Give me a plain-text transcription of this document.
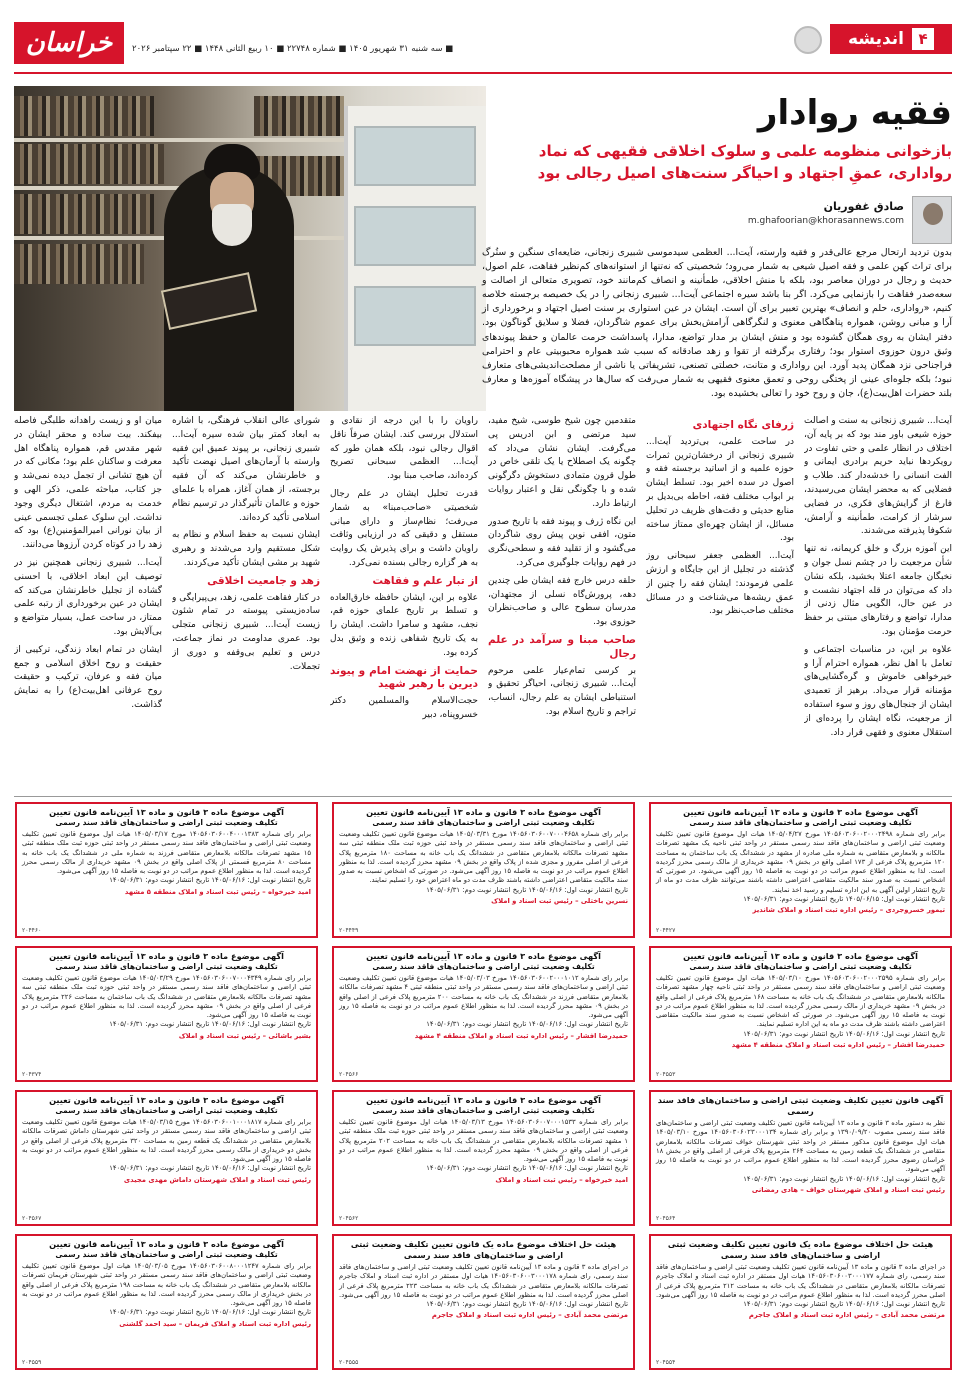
۴
اندیشه
خراسان	■ سه شنبه ۳۱ شهریور ۱۴۰۵ ■ شماره ۲۲۷۴۸ ■ ۱۰ ربیع الثانی ۱۴۴۸ ■ ۲۲ سپتامبر ۲۰۲۶
فقیه روادار
بازخوانی منظومه علمی و سلوک اخلاقی فقیهی که نماد رواداری، عمقِ اجتهاد و احیاگر سنت‌های اصیل رجالی بود
صادق غفوریان
m.ghafoorian@khorasannews.com
بدون تردید ارتحال مرجع عالی‌قدر و فقیه وارسته، آیت‌ا... العظمی سیدموسی شبیری زنجانی، ضایعه‌ای سنگین و ستُرگ برای تراث کهن علمی و فقه اصیل شیعی به شمار می‌رود؛ شخصیتی که نه‌تنها از استوانه‌های کم‌نظیر فقاهت، علم اصول، حدیث و رجال در دوران معاصر بود، بلکه با منش اخلاقی، طمأنینه و انصاف کم‌مانند خود، تصویری متعالی از اصالت و سعه‌صدر فقاهت را بازنمایی می‌کرد. اگر بنا باشد سیره اجتماعی آیت‌ا... شبیری زنجانی را در یک خصیصه برجسته خلاصه کنیم، «رواداری، حلم و انصاف» بهترین تعبیر برای آن است. ایشان در عین استواری بر سنت اصیل اجتهاد و برخورداری از آرا و مبانی روشن، همواره پناهگاهی معنوی و لنگرگاهی آرامش‌بخش برای عموم شاگردان، فضلا و سلایق گوناگون بود. دفتر ایشان به روی همگان گشوده بود و منش ایشان بر مدار تواضع، مدارا، پاسداشت حرمت عالمان و حفظ پیوندهای وثیق درون حوزوی استوار بود؛ رفتاری برگرفته از تقوا و زهد صادقانه که سبب شد همواره محبوبیتی عام و احترامی فراجناحی نزد همگان پدید آورد. این رواداری و متانت، خصلتی تصنعی، تشریفاتی یا ناشی از مصلحت‌اندیشی‌های متعارف نبود؛ بلکه جلوه‌ای عینی از پختگی روحی و تعمق معنوی فقیهی به شمار می‌رفت که سال‌ها در پیشگاه آموزه‌ها و معارف بلند حضرات اهل‌بیت(ع)، جان و روح خود را تعالی بخشیده بود.

آیت‌ا... شبیری زنجانی به سنت و اصالت حوزه شیعی باور مند بود که بر پایه آن، اختلاف در انظار علمی و حتی تفاوت در رویکردها نباید حریم برادری ایمانی و الفت انسانی را خدشه‌دار کند. طلاب و فضلایی که به محضر ایشان می‌رسیدند، فارغ از گرایش‌های فکری، در فضایی سرشار از کرامت، طمأنینه و آرامش، شکوفا پذیرفته می‌شدند.

این آموزه بزرگ و خلق کریمانه، نه تنها شأن مرجعیت را در چشم نسل جوان و نخبگان جامعه اعتلا بخشید، بلکه نشان داد که می‌توان در قله اجتهاد نشست و در عین حال، الگویی مثال زدنی از مدارا، تواضع و رفتارهای مبتنی بر حفظ حرمت مؤمنان بود.

علاوه بر این، در مناسبات اجتماعی و تعامل با اهل نظر، همواره احترام آرا و خیرخواهی خاموش و گره‌گشایی‌های مؤمنانه قرار می‌داد. برهیز از تعمیدی ایشان از جنجال‌های روز و سوء استفاده از مرجعیت، نگاه ایشان را پرده‌ای از استقلال معنوی و فقهی قرار داد.

ژرفای نگاه اجتهادی

در ساحت علمی، بی‌تردید آیت‌ا... شبیری زنجانی از درخشان‌ترین ثمرات حوزه علمیه و از اساتید برجسته فقه و اصول در سده اخیر بود. تسلط ایشان بر ابواب مختلف فقه، احاطه بی‌بدیل بر منابع حدیثی و دقت‌های ظریف در تحلیل مسائل، از ایشان چهره‌ای ممتاز ساخته بود.

آیت‌ا... العظمی جعفر سبحانی روز گذشته در تجلیل از این جایگاه و ارزش علمی فرمودند: ایشان فقه را چنین از عمق ریشه‌ها می‌شناخت و در مسائل مختلف صاحب‌نظر بود.

متقدمین چون شیخ طوسی، شیخ مفید، سید مرتضی و ابن ادریس پی می‌گرفت. ایشان نشان می‌داد که چگونه یک اصطلاح یا یک تلقی خاص در طول قرون متمادی دستخوش دگرگونی شده و با چگونگی نقل و اعتبار روایات ارتباط دارد.

این نگاه ژرف و پیوند فقه با تاریخ صدور متون، افقی نوین پیش روی شاگردان می‌گشود و از تقلید فقه و سطحی‌نگری در فهم روایات جلوگیری می‌کرد.

حلقه درس خارج فقه ایشان طی چندین دهه، پرورش‌گاه نسلی از مجتهدان، مدرسان سطوح عالی و صاحب‌نظران حوزوی بود.

صاحب مبنا و سرآمد در علم رجال

بر کرسی تمام‌عیار علمی مرحوم آیت‌ا... شبیری زنجانی، احیاگر تحقیق و استنباطی ایشان به علم رجال، انساب، تراجم و تاریخ اسلام بود.

راویان را با این درجه از نقادی و استدلال بررسی کند. ایشان صرفاً ناقل اقوال رجالی نبود، بلکه همان طور که آیت‌ا... العظمی سبحانی تصریح کرده‌اند، صاحب مبنا بود.

قدرت تحلیل ایشان در علم رجال شخصیتی «صاحب‌مبنا» به شمار می‌رفت؛ نظام‌ساز و دارای مبانی مستقل و دقیقی که در ارزیابی وثاقت راویان داشت و برای پذیرش یک روایت به هر گزاره رجالی بسنده نمی‌کرد.

از تبار علم و فقاهت

علاوه بر این، ایشان حافظه خارق‌العاده و تسلط بر تاریخ علمای حوزه قم، نجف، مشهد و سامرا داشت. ایشان را به یک تاریخ شفاهی زنده و وثیق بدل کرده بود.

حمایت از نهضت امام و پیوند دیرین با رهبر شهید

حجت‌الاسلام والمسلمین دکتر خسروپناه، دبیر

شورای عالی انقلاب فرهنگی، با اشاره به ابعاد کمتر بیان شده سیره آیت‌ا... شبیری زنجانی، بر پیوند عمیق این فقیه وارسته با آرمان‌های اصیل نهضت تأکید و خاطرنشان می‌کند که آن فقیه برجسته، از همان آغاز، همراه با علمای حوزه و عالمان تأثیرگذار در ترسیم نظام اسلامی تأکید کرده‌اند.

ایشان نسبت به حفظ اسلام و نظام به شکل مستقیم وارد می‌شدند و رهبری شهید بر مشی ایشان تأکید می‌کردند.

زهد و جامعیت اخلاقی

در کنار فقاهت علمی، زهد، بی‌پیرایگی و ساده‌زیستی پیوسته در تمام شئون زیست آیت‌ا... شبیری زنجانی متجلی بود. عمری مداومت در نماز جماعت، درس و تعلیم بی‌وقفه و دوری از تجملات.

میان او و زیست راهدانه طلبگی فاصله بیفکند. بیت ساده و محقر ایشان در شهر مقدس قم، همواره پناهگاه اهل معرفت و ساکنان علم بود؛ مکانی که در آن هیچ تشانی از تجمل دیده نمی‌شد و جز کتاب، مباحثه علمی، ذکر الهی و خدمت به مردم، اشتغال دیگری وجود نداشت. این سلوک عملی تجسمی عینی از بیان نورانی امیرالمؤمنین(ع) بود که زهد را در کوتاه کردن آرزوها می‌دانند.

آیت‌ا... شبیری زنجانی همچنین نیز در توصیف این ابعاد اخلاقی، با احسنی گشاده از تجلیل خاطرنشان می‌کند که ایشان در عین برخورداری از رتبه علمی ممتاز، در ساحت عمل، بسیار متواضع و بی‌آلایش بود.

ایشان در تمام ابعاد زندگی، ترکیبی از حقیقت و روح اخلاق اسلامی و جمع میان فقه و عرفان، ترکیب و حقیقت روح عرفانی اهل‌بیت(ع) را به نمایش گذاشت.

آگهی موضوع ماده ۳ قانون و ماده ۱۳ آیین‌نامه قانون تعیین
تکلیف وضعیت ثبتی اراضی و ساختمان‌های فاقد سند رسمی
برابر رای شماره ۱۴۰۵۶۰۳۰۶۰۰۲۰۰۰۲۴۹۸ مورخ ۱۴۰۵/۰۴/۲۷ هیات اول موضوع قانون تعیین تکلیف وضعیت ثبتی اراضی و ساختمان‌های فاقد سند رسمی مستقر در واحد ثبتی ناحیه یک مشهد تصرفات مالکانه و بلامعارض متقاضی به شماره ملی صادره از مشهد در ششدانگ یک باب ساختمان به مساحت ۱۲۰ مترمربع پلاک فرعی از ۱۷۳ اصلی واقع در بخش ۰۹ مشهد خریداری از مالک رسمی محرز گردیده است. لذا به منظور اطلاع عموم مراتب در دو نوبت به فاصله ۱۵ روز آگهی می‌شود. در صورتی که اشخاص نسبت به صدور سند مالکیت متقاضی اعتراضی داشته باشند می‌توانند ظرف مدت دو ماه از تاریخ انتشار اولین آگهی به این اداره تسلیم و رسید اخذ نمایند.
تاریخ انتشار نوبت اول: ۱۴۰۵/۰۶/۱۵ تاریخ انتشار نوبت دوم: ۱۴۰۵/۰۶/۳۱
تیمور خسروجردی – رئیس اداره ثبت اسناد و املاک شاندیز
۲۰۴۴۲۷
آگهی موضوع ماده ۳ قانون و ماده ۱۳ آیین‌نامه قانون تعیین
تکلیف وضعیت ثبتی اراضی و ساختمان‌های فاقد سند رسمی
برابر رای شماره ۱۴۰۵۶۰۳۰۶۰۰۷۰۰۰۴۶۵۸ مورخ ۱۴۰۵/۰۳/۳۱ هیات موضوع قانون تعیین تکلیف وضعیت ثبتی اراضی و ساختمان‌های فاقد سند رسمی مستقر در واحد ثبتی حوزه ثبت ملک منطقه ثبتی سه مشهد تصرفات مالکانه بلامعارض متقاضی در ششدانگ یک باب خانه به مساحت ۱۸۰ مترمربع پلاک فرعی از اصلی مفروز و مجزی شده از پلاک واقع در بخش ۰۹ مشهد محرز گردیده است. لذا به منظور اطلاع عموم مراتب در دو نوبت به فاصله ۱۵ روز آگهی می‌شود. در صورتی که اشخاص نسبت به صدور سند مالکیت متقاضی اعتراضی داشته باشند ظرف مدت دو ماه اعتراض خود را تسلیم نمایند.
تاریخ انتشار نوبت اول: ۱۴۰۵/۰۶/۱۶ تاریخ انتشار نوبت دوم: ۱۴۰۵/۰۶/۳۱
نسرین باختلی – رئیس ثبت اسناد و املاک
۲۰۴۴۴۹
آگهی موضوع ماده ۳ قانون و ماده ۱۳ آیین‌نامه قانون تعیین
تکلیف وضعیت ثبتی اراضی و ساختمان‌های فاقد سند رسمی
برابر رای شماره ۱۴۰۵۶۰۳۰۶۰۰۴۰۰۰۱۳۸۳ مورخ ۱۴۰۵/۰۳/۱۷ هیات اول موضوع قانون تعیین تکلیف وضعیت ثبتی اراضی و ساختمان‌های فاقد سند رسمی مستقر در واحد ثبتی حوزه ثبت ملک منطقه ثبتی ۱۵ مشهد تصرفات مالکانه بلامعارض متقاضی فرزند به شماره ملی در ششدانگ یک باب خانه به مساحت ۸۰ مترمربع قسمتی از پلاک اصلی واقع در بخش ۰۹ مشهد خریداری از مالک رسمی محرز گردیده است. لذا به منظور اطلاع عموم مراتب در دو نوبت به فاصله ۱۵ روز آگهی می‌شود.
تاریخ انتشار نوبت اول: ۱۴۰۵/۰۶/۱۶ تاریخ انتشار نوبت دوم: ۱۴۰۵/۰۶/۳۱
امید خیرخواه – رئیس ثبت اسناد و املاک منطقه ۵ مشهد
۲۰۴۴۶۰
آگهی موضوع ماده ۳ قانون و ماده ۱۳ آیین‌نامه قانون تعیین
تکلیف وضعیت ثبتی اراضی و ساختمان‌های فاقد سند رسمی
برابر رای شماره ۱۴۰۵۶۰۳۰۶۰۰۲۰۰۰۲۵۹۵ مورخ ۱۴۰۵/۰۳/۱۰ هیات اول موضوع قانون تعیین تکلیف وضعیت ثبتی اراضی و ساختمان‌های فاقد سند رسمی مستقر در واحد ثبتی ناحیه چهار مشهد تصرفات مالکانه بلامعارض متقاضی در ششدانگ یک باب خانه به مساحت ۱۶۸ مترمربع پلاک فرعی از اصلی واقع در بخش ۰۹ مشهد خریداری از مالک رسمی محرز گردیده است. لذا به منظور اطلاع عموم مراتب در دو نوبت به فاصله ۱۵ روز آگهی می‌شود. در صورتی که اشخاص نسبت به صدور سند مالکیت متقاضی اعتراضی داشته باشند ظرف مدت دو ماه به این اداره تسلیم نمایند.
تاریخ انتشار نوبت اول: ۱۴۰۵/۰۶/۱۶ تاریخ انتشار نوبت دوم: ۱۴۰۵/۰۶/۳۱
حمیدرضا افشار – رئیس اداره ثبت اسناد و املاک منطقه ۴ مشهد
۲۰۴۵۵۳
آگهی موضوع ماده ۳ قانون و ماده ۱۳ آیین‌نامه قانون تعیین
تکلیف وضعیت ثبتی اراضی و ساختمان‌های فاقد سند رسمی
برابر رای شماره ۱۴۰۵۶۰۳۰۶۰۰۲۰۰۰۱۰۱۲ مورخ ۱۴۰۵/۰۳/۰۳ هیات موضوع قانون تعیین تکلیف وضعیت ثبتی اراضی و ساختمان‌های فاقد سند رسمی مستقر در واحد ثبتی منطقه ثبتی ۴ مشهد تصرفات مالکانه بلامعارض متقاضی فرزند در ششدانگ یک باب خانه به مساحت ۲۰۰ مترمربع پلاک فرعی از اصلی واقع در بخش ۰۹ مشهد محرز گردیده است. لذا به منظور اطلاع عموم مراتب در دو نوبت به فاصله ۱۵ روز آگهی می‌شود.
تاریخ انتشار نوبت اول: ۱۴۰۵/۰۶/۱۶ تاریخ انتشار نوبت دوم: ۱۴۰۵/۰۶/۳۱
حمیدرضا افشار – رئیس اداره ثبت اسناد و املاک منطقه ۴ مشهد
۲۰۴۵۶۶
آگهی موضوع ماده ۳ قانون و ماده ۱۳ آیین‌نامه قانون تعیین
تکلیف وضعیت ثبتی اراضی و ساختمان‌های فاقد سند رسمی
برابر رای شماره ۱۴۰۵۶۰۳۰۶۰۰۷۰۰۰۴۳۴۹ مورخ ۱۴۰۵/۰۳/۲۹ هیات موضوع قانون تعیین تکلیف وضعیت ثبتی اراضی و ساختمان‌های فاقد سند رسمی مستقر در واحد ثبتی حوزه ثبت ملک منطقه ثبتی سه مشهد تصرفات مالکانه بلامعارض متقاضی در ششدانگ یک باب ساختمان به مساحت ۲۲۶ مترمربع پلاک فرعی از اصلی واقع در بخش ۰۹ مشهد محرز گردیده است. لذا به منظور اطلاع عموم مراتب در دو نوبت به فاصله ۱۵ روز آگهی می‌شود.
تاریخ انتشار نوبت اول: ۱۴۰۵/۰۶/۱۶ تاریخ انتشار نوبت دوم: ۱۴۰۵/۰۶/۳۱
بشیر باشائی – رئیس ثبت اسناد و املاک
۲۰۴۳۷۴
آگهی قانون تعیین تکلیف وضعیت ثبتی اراضی و ساختمان‌های فاقد سند رسمی
نظر به دستور ماده ۳ قانون و ماده ۱۳ آیین‌نامه قانون تعیین تکلیف وضعیت ثبتی اراضی و ساختمان‌های فاقد سند رسمی مصوب ۱۳۹۰/۰۹/۲۰ و برابر رای شماره ۱۴۰۵۶۰۳۰۶۰۲۳۰۰۰۱۳۴ مورخ ۱۴۰۵/۰۳/۱۰ هیات اول موضوع قانون مذکور مستقر در واحد ثبتی شهرستان خواف تصرفات مالکانه بلامعارض متقاضی در ششدانگ یک قطعه زمین به مساحت ۲۶۴ مترمربع پلاک فرعی از اصلی واقع در بخش ۱۸ خراسان رضوی محرز گردیده است. لذا به منظور اطلاع عموم مراتب در دو نوبت به فاصله ۱۵ روز آگهی می‌شود.
تاریخ انتشار نوبت اول: ۱۴۰۵/۰۶/۱۶ تاریخ انتشار نوبت دوم: ۱۴۰۵/۰۶/۳۱
رئیس ثبت اسناد و املاک شهرستان خواف – هادی رمضانی
۲۰۴۵۶۴
آگهی موضوع ماده ۳ قانون و ماده ۱۳ آیین‌نامه قانون تعیین
تکلیف وضعیت ثبتی اراضی و ساختمان‌های فاقد سند رسمی
برابر رای شماره ۱۴۰۵۶۰۳۰۶۰۰۷۰۰۰۱۵۳۳ مورخ ۱۴۰۵/۰۳/۱۳ هیات اول موضوع قانون تعیین تکلیف وضعیت ثبتی اراضی و ساختمان‌های فاقد سند رسمی مستقر در واحد ثبتی حوزه ثبت ملک منطقه ثبتی ۱ مشهد تصرفات مالکانه بلامعارض متقاضی در ششدانگ یک باب خانه به مساحت ۲۰۲ مترمربع پلاک فرعی از اصلی واقع در بخش ۰۹ مشهد محرز گردیده است. لذا به منظور اطلاع عموم مراتب در دو نوبت به فاصله ۱۵ روز آگهی می‌شود.
تاریخ انتشار نوبت اول: ۱۴۰۵/۰۶/۱۶ تاریخ انتشار نوبت دوم: ۱۴۰۵/۰۶/۳۱
امید خیرخواه – رئیس ثبت اسناد و املاک
۲۰۴۵۶۲
آگهی موضوع ماده ۳ قانون و ماده ۱۳ آیین‌نامه قانون تعیین
تکلیف وضعیت ثبتی اراضی و ساختمان‌های فاقد سند رسمی
برابر رای شماره ۱۴۰۵۶۰۳۰۶۰۰۱۰۰۰۱۸۱۷ مورخ ۱۴۰۵/۰۳/۱۵ هیات موضوع قانون تعیین تکلیف وضعیت ثبتی اراضی و ساختمان‌های فاقد سند رسمی مستقر در واحد ثبتی شهرستان داماش تصرفات مالکانه بلامعارض متقاضی در ششدانگ یک قطعه زمین به مساحت ۳۲۰ مترمربع پلاک فرعی از اصلی واقع در بخش دو خریداری از مالک رسمی محرز گردیده است. لذا به منظور اطلاع عموم مراتب در دو نوبت به فاصله ۱۵ روز آگهی می‌شود.
تاریخ انتشار نوبت اول: ۱۴۰۵/۰۶/۱۶ تاریخ انتشار نوبت دوم: ۱۴۰۵/۰۶/۳۱
رئیس ثبت اسناد و املاک شهرستان داماش مهدی مجیدی
۲۰۴۵۶۷
هیئت حل اختلاف موضوع ماده یک قانون تعیین تکلیف وضعیت ثبتی اراضی و ساختمان‌های فاقد سند رسمی
در اجرای ماده ۳ قانون و ماده ۱۳ آیین‌نامه قانون تعیین تکلیف وضعیت ثبتی اراضی و ساختمان‌های فاقد سند رسمی، رای شماره ۱۴۰۵۶۰۳۰۶۰۰۳۰۰۰۱۷۷ هیات اول مستقر در اداره ثبت اسناد و املاک جاجرم تصرفات مالکانه بلامعارض متقاضی در ششدانگ یک باب خانه به مساحت ۲۱۲ مترمربع پلاک فرعی از اصلی محرز گردیده است. لذا به منظور اطلاع عموم مراتب در دو نوبت به فاصله ۱۵ روز آگهی می‌شود.
تاریخ انتشار نوبت اول: ۱۴۰۵/۰۶/۱۶ تاریخ انتشار نوبت دوم: ۱۴۰۵/۰۶/۳۱
مرتضی محمد آبادی – رئیس اداره ثبت اسناد و املاک جاجرم
۲۰۴۵۵۴
هیئت حل اختلاف موضوع ماده یک قانون تعیین تکلیف وضعیت ثبتی اراضی و ساختمان‌های فاقد سند رسمی
در اجرای ماده ۳ قانون و ماده ۱۳ آیین‌نامه قانون تعیین تکلیف وضعیت ثبتی اراضی و ساختمان‌های فاقد سند رسمی، رای شماره ۱۴۰۵۶۰۳۰۶۰۰۳۰۰۰۱۷۸ هیات اول مستقر در اداره ثبت اسناد و املاک جاجرم تصرفات مالکانه بلامعارض متقاضی در ششدانگ یک باب خانه به مساحت ۲۲۳ مترمربع پلاک فرعی از اصلی محرز گردیده است. لذا به منظور اطلاع عموم مراتب در دو نوبت به فاصله ۱۵ روز آگهی می‌شود.
تاریخ انتشار نوبت اول: ۱۴۰۵/۰۶/۱۶ تاریخ انتشار نوبت دوم: ۱۴۰۵/۰۶/۳۱
مرتضی محمد آبادی – رئیس اداره ثبت اسناد و املاک جاجرم
۲۰۴۵۵۵
آگهی موضوع ماده ۳ قانون و ماده ۱۳ آیین‌نامه قانون تعیین
تکلیف وضعیت ثبتی اراضی و ساختمان‌های فاقد سند رسمی
برابر رای شماره ۱۴۰۵۶۰۳۰۶۰۰۸۰۰۰۱۲۴۷ مورخ ۱۴۰۵/۰۳/۰۵ هیات اول موضوع قانون تعیین تکلیف وضعیت ثبتی اراضی و ساختمان‌های فاقد سند رسمی مستقر در واحد ثبتی شهرستان فریمان تصرفات مالکانه بلامعارض متقاضی در ششدانگ یک باب خانه به مساحت ۱۹۸ مترمربع پلاک فرعی از اصلی واقع در بخش خریداری از مالک رسمی محرز گردیده است. لذا به منظور اطلاع عموم مراتب در دو نوبت به فاصله ۱۵ روز آگهی می‌شود.
تاریخ انتشار نوبت اول: ۱۴۰۵/۰۶/۱۶ تاریخ انتشار نوبت دوم: ۱۴۰۵/۰۶/۳۱
رئیس اداره ثبت اسناد و املاک فریمان – سید احمد گلشنی
۲۰۴۵۵۹
